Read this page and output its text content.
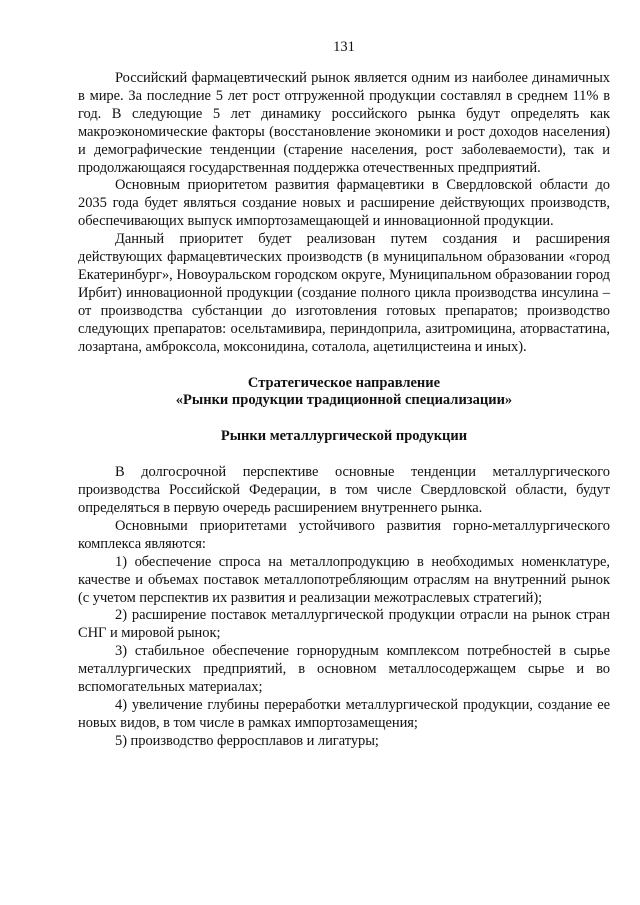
131

Российский фармацевтический рынок является одним из наиболее динамичных в мире. За последние 5 лет рост отгруженной продукции составлял в среднем 11% в год. В следующие 5 лет динамику российского рынка будут определять как макроэкономические факторы (восстановление экономики и рост доходов населения) и демографические тенденции (старение населения, рост заболеваемости), так и продолжающаяся государственная поддержка отечественных предприятий.

Основным приоритетом развития фармацевтики в Свердловской области до 2035 года будет являться создание новых и расширение действующих производств, обеспечивающих выпуск импортозамещающей и инновационной продукции.

Данный приоритет будет реализован путем создания и расширения действующих фармацевтических производств (в муниципальном образовании «город Екатеринбург», Новоуральском городском округе, Муниципальном образовании город Ирбит) инновационной продукции (создание полного цикла производства инсулина – от производства субстанции до изготовления готовых препаратов; производство следующих препаратов: осельтамивира, периндоприла, азитромицина, аторвастатина, лозартана, амброксола, моксонидина, соталола, ацетилцистеина и иных).

Стратегическое направление

«Рынки продукции традиционной специализации»

Рынки металлургической продукции

В долгосрочной перспективе основные тенденции металлургического производства Российской Федерации, в том числе Свердловской области, будут определяться в первую очередь расширением внутреннего рынка.

Основными приоритетами устойчивого развития горно-металлургического комплекса являются:

1) обеспечение спроса на металлопродукцию в необходимых номенклатуре, качестве и объемах поставок металлопотребляющим отраслям на внутренний рынок (с учетом перспектив их развития и реализации межотраслевых стратегий);

2) расширение поставок металлургической продукции отрасли на рынок стран СНГ и мировой рынок;

3) стабильное обеспечение горнорудным комплексом потребностей в сырье металлургических предприятий, в основном металлосодержащем сырье и во вспомогательных материалах;

4) увеличение глубины переработки металлургической продукции, создание ее новых видов, в том числе в рамках импортозамещения;

5) производство ферросплавов и лигатуры;
